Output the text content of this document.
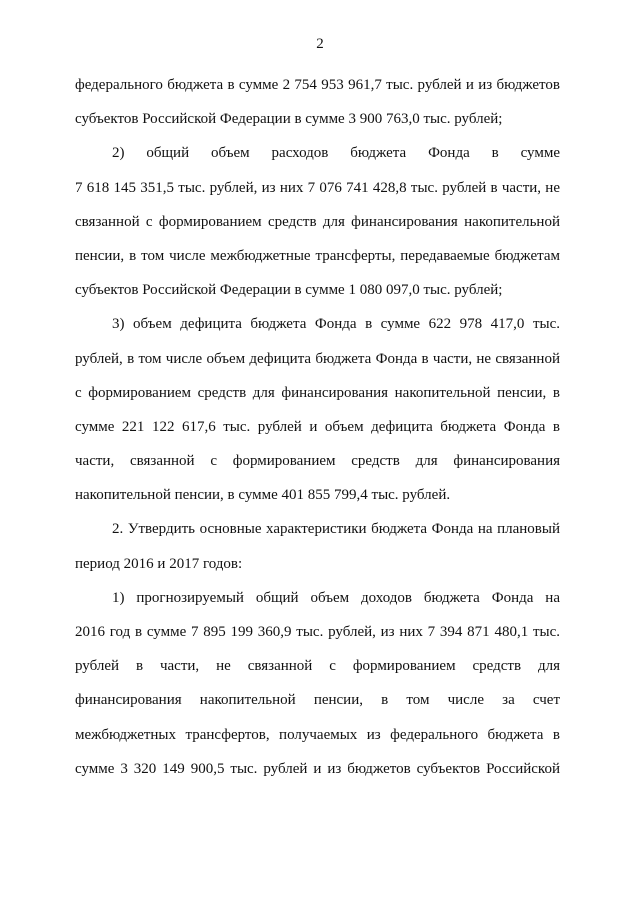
2
федерального бюджета в сумме 2 754 953 961,7 тыс. рублей и из бюджетов
субъектов Российской Федерации в сумме 3 900 763,0 тыс. рублей;
2) общий объем расходов бюджета Фонда в сумме
7 618 145 351,5 тыс. рублей, из них 7 076 741 428,8 тыс. рублей в части, не
связанной с формированием средств для финансирования накопительной
пенсии, в том числе межбюджетные трансферты, передаваемые бюджетам
субъектов Российской Федерации в сумме 1 080 097,0 тыс. рублей;
3) объем дефицита бюджета Фонда в сумме 622 978 417,0 тыс.
рублей, в том числе объем дефицита бюджета Фонда в части, не связанной
с формированием средств для финансирования накопительной пенсии, в
сумме 221 122 617,6 тыс. рублей и объем дефицита бюджета Фонда в
части, связанной с формированием средств для финансирования
накопительной пенсии, в сумме 401 855 799,4 тыс. рублей.
2. Утвердить основные характеристики бюджета Фонда на плановый
период 2016 и 2017 годов:
1) прогнозируемый общий объем доходов бюджета Фонда на
2016 год в сумме 7 895 199 360,9 тыс. рублей, из них 7 394 871 480,1 тыс.
рублей в части, не связанной с формированием средств для
финансирования накопительной пенсии, в том числе за счет
межбюджетных трансфертов, получаемых из федерального бюджета в
сумме 3 320 149 900,5 тыс. рублей и из бюджетов субъектов Российской
